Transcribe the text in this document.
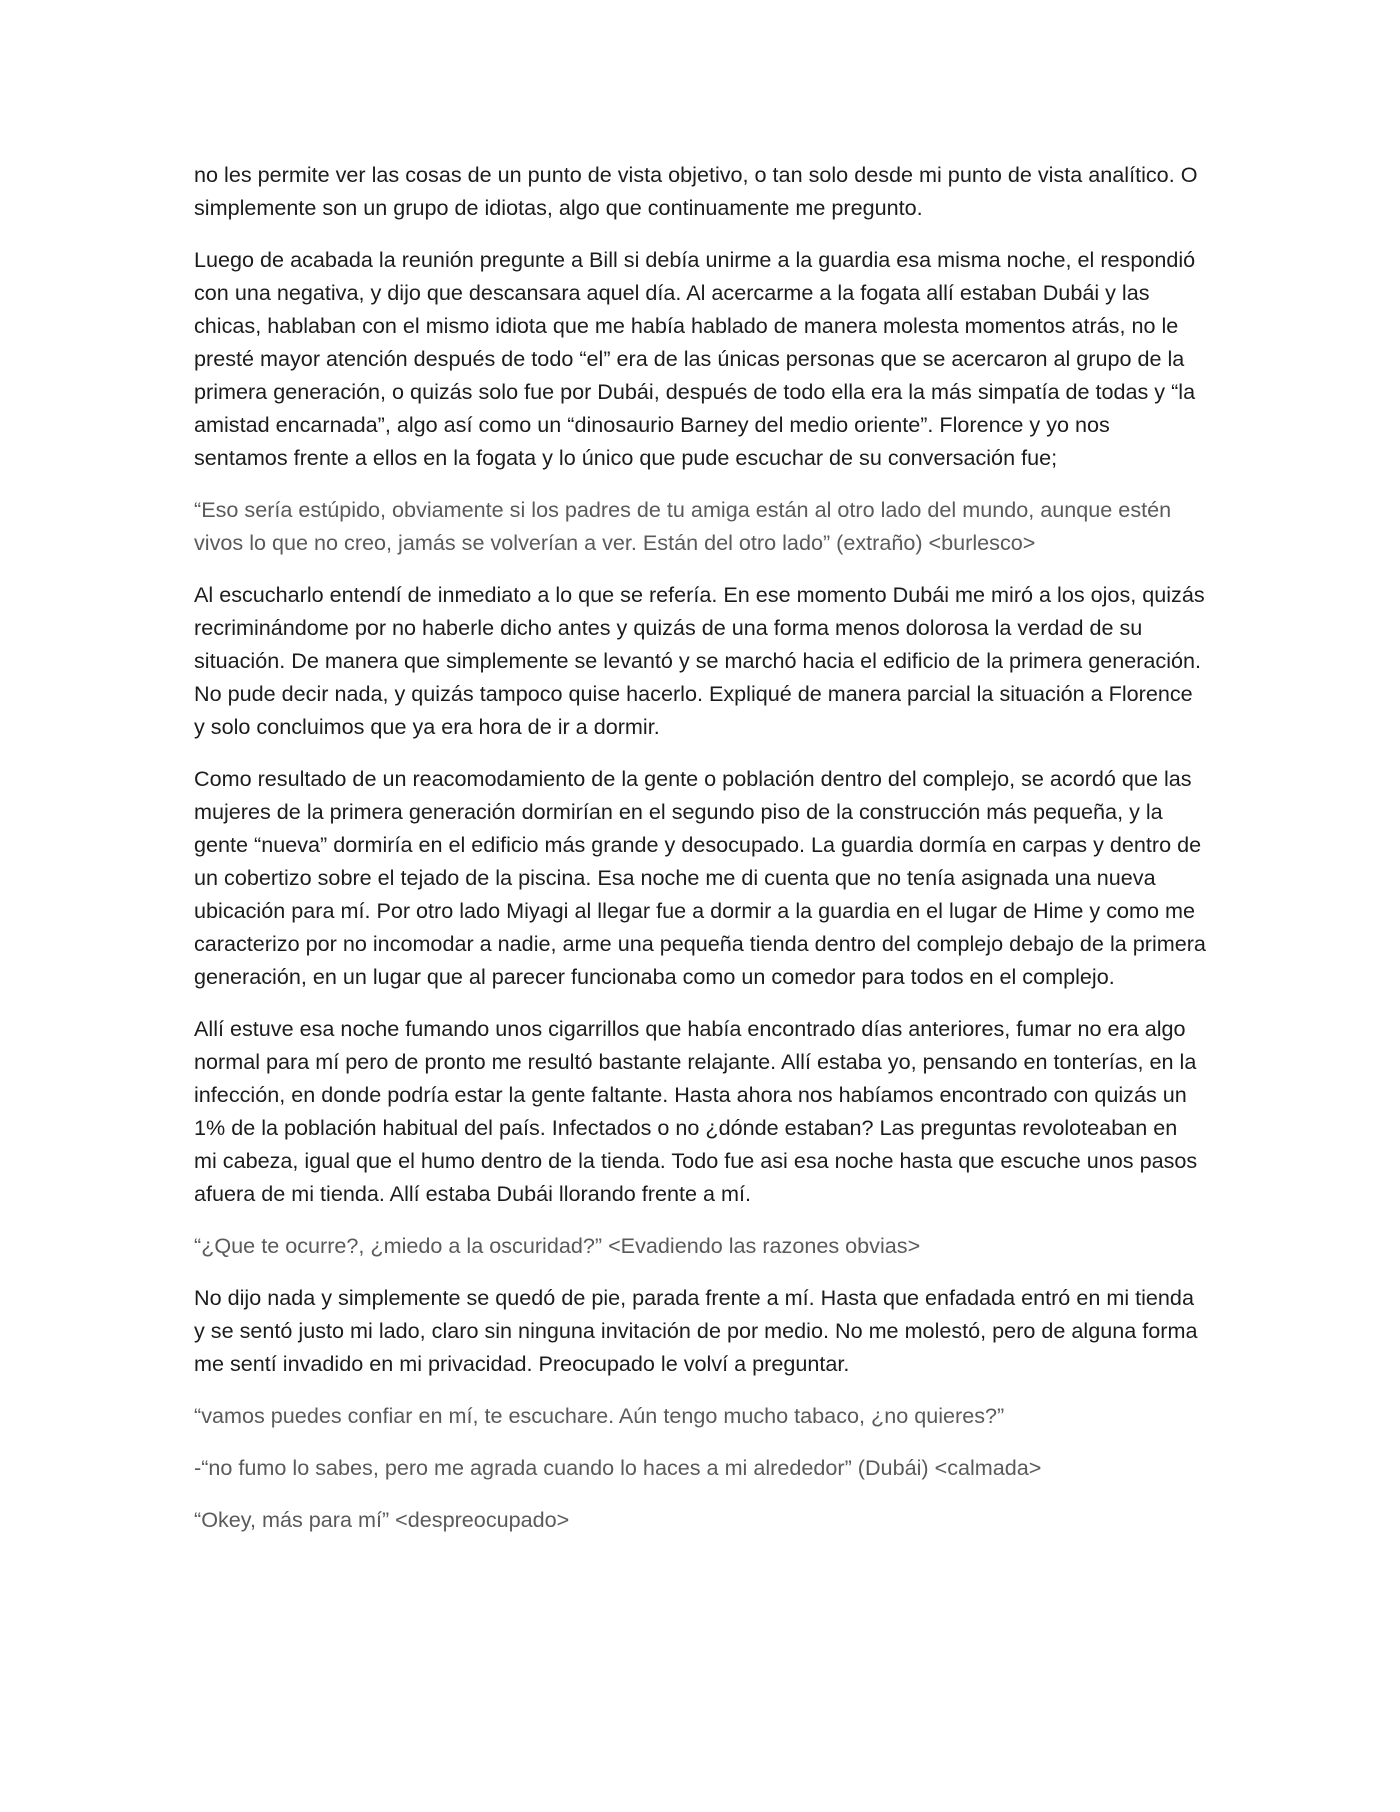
no les permite ver las cosas de un punto de vista objetivo, o tan solo desde mi punto de vista analítico. O simplemente son un grupo de idiotas, algo que continuamente me pregunto.

Luego de acabada la reunión pregunte a Bill si debía unirme a la guardia esa misma noche, el respondió con una negativa, y dijo que descansara aquel día. Al acercarme a la fogata allí estaban Dubái y las chicas, hablaban con el mismo idiota que me había hablado de manera molesta momentos atrás, no le presté mayor atención después de todo “el” era de las únicas personas que se acercaron al grupo de la primera generación, o quizás solo fue por Dubái, después de todo ella era la más simpatía de todas y “la amistad encarnada”, algo así como un “dinosaurio Barney del medio oriente”. Florence y yo nos sentamos frente a ellos en la fogata y lo único que pude escuchar de su conversación fue;

“Eso sería estúpido, obviamente si los padres de tu amiga están al otro lado del mundo, aunque estén vivos lo que no creo, jamás se volverían a ver. Están del otro lado” (extraño) <burlesco>

Al escucharlo entendí de inmediato a lo que se refería. En ese momento Dubái me miró a los ojos, quizás recriminándome por no haberle dicho antes y quizás de una forma menos dolorosa la verdad de su situación. De manera que simplemente se levantó y se marchó hacia el edificio de la primera generación. No pude decir nada, y quizás tampoco quise hacerlo. Expliqué de manera parcial la situación a Florence y solo concluimos que ya era hora de ir a dormir.

Como resultado de un reacomodamiento de la gente o población dentro del complejo, se acordó que las mujeres de la primera generación dormirían en el segundo piso de la construcción más pequeña, y la gente “nueva” dormiría en el edificio más grande y desocupado. La guardia dormía en carpas y dentro de un cobertizo sobre el tejado de la piscina. Esa noche me di cuenta que no tenía asignada una nueva ubicación para mí. Por otro lado Miyagi al llegar fue a dormir a la guardia en el lugar de Hime y como me caracterizo por no incomodar a nadie, arme una pequeña tienda dentro del complejo debajo de la primera generación, en un lugar que al parecer funcionaba como un comedor para todos en el complejo.

Allí estuve esa noche fumando unos cigarrillos que había encontrado días anteriores, fumar no era algo normal para mí pero de pronto me resultó bastante relajante. Allí estaba yo, pensando en tonterías, en la infección, en donde podría estar la gente faltante. Hasta ahora nos habíamos encontrado con quizás un 1% de la población habitual del país. Infectados o no ¿dónde estaban? Las preguntas revoloteaban en mi cabeza, igual que el humo dentro de la tienda. Todo fue asi esa noche hasta que escuche unos pasos afuera de mi tienda. Allí estaba Dubái llorando frente a mí.

“¿Que te ocurre?, ¿miedo a la oscuridad?” <Evadiendo las razones obvias>

No dijo nada y simplemente se quedó de pie, parada frente a mí. Hasta que enfadada entró en mi tienda y se sentó justo mi lado, claro sin ninguna invitación de por medio. No me molestó, pero de alguna forma me sentí invadido en mi privacidad. Preocupado le volví a preguntar.

“vamos puedes confiar en mí, te escuchare. Aún tengo mucho tabaco, ¿no quieres?”

-“no fumo lo sabes, pero me agrada cuando lo haces a mi alrededor” (Dubái) <calmada>

“Okey, más para mí” <despreocupado>
